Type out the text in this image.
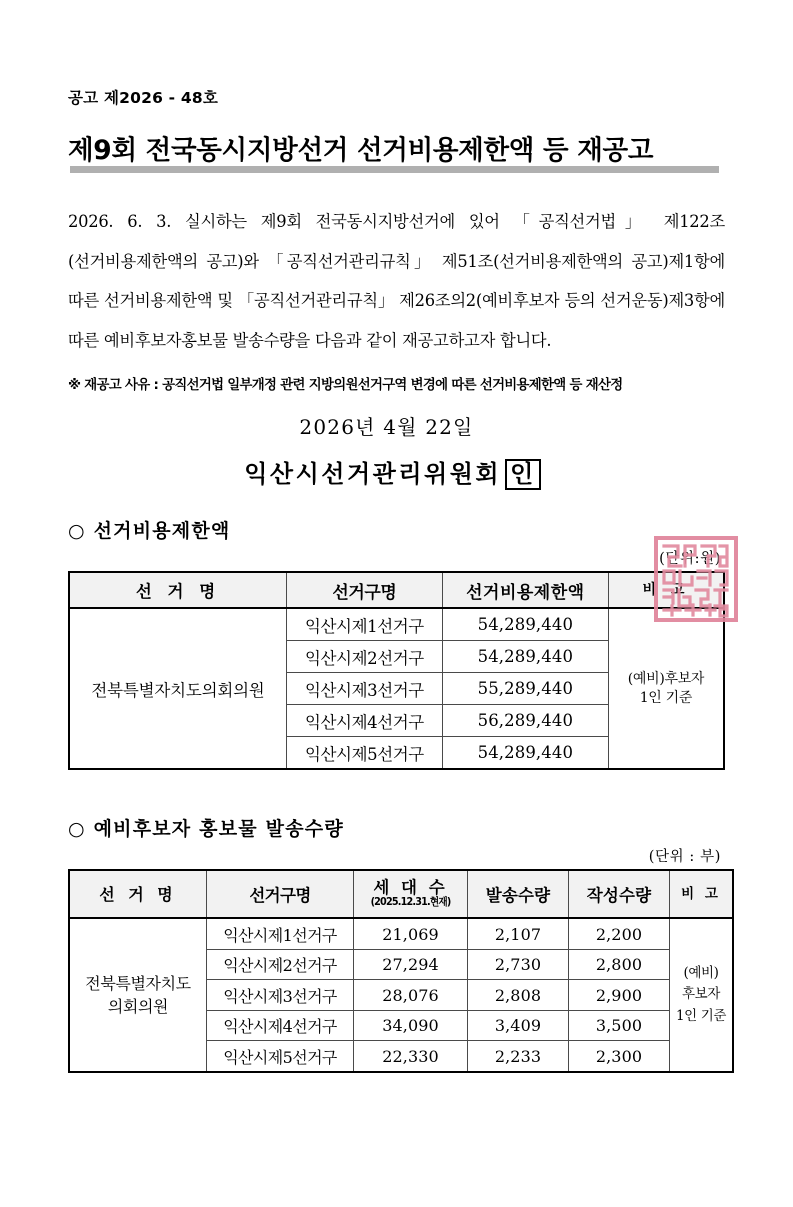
공고 제2026 - 48호
제9회 전국동시지방선거 선거비용제한액 등 재공고

2026. 6. 3. 실시하는 제9회 전국동시지방선거에 있어 「공직선거법」 제122조(선거비용제한액의 공고)와 「공직선거관리규칙」 제51조(선거비용제한액의 공고)제1항에 따른 선거비용제한액 및 「공직선거관리규칙」 제26조의2(예비후보자 등의 선거운동)제3항에 따른 예비후보자홍보물 발송수량을 다음과 같이 재공고하고자 합니다.

※ 재공고 사유 : 공직선거법 일부개정 관련 지방의원선거구역 변경에 따른 선거비용제한액 등 재산정
2026년 4월 22일
익산시선거관리위원회 인
○ 선거비용제한액
(단위:원)
선 거 명	선거구명	선거비용제한액	비 고
전북특별자치도의회의원	익산시제1선거구	54,289,440	(예비)후보자
1인 기준

	익산시제2선거구	54,289,440	
	익산시제3선거구	55,289,440	
	익산시제4선거구	56,289,440	
	익산시제5선거구	54,289,440	
○ 예비후보자 홍보물 발송수량
(단위 : 부)
선 거 명	선거구명	세 대 수
(2025.12.31.현재)	발송수량	작성수량	비 고

전북특별자치도
의회의원
	익산시제1선거구	21,069	2,107	2,200	
(예비)
후보자
1인 기준

	익산시제2선거구	27,294	2,730	2,800	
	익산시제3선거구	28,076	2,808	2,900	
	익산시제4선거구	34,090	3,409	3,500	
	익산시제5선거구	22,330	2,233	2,300	
